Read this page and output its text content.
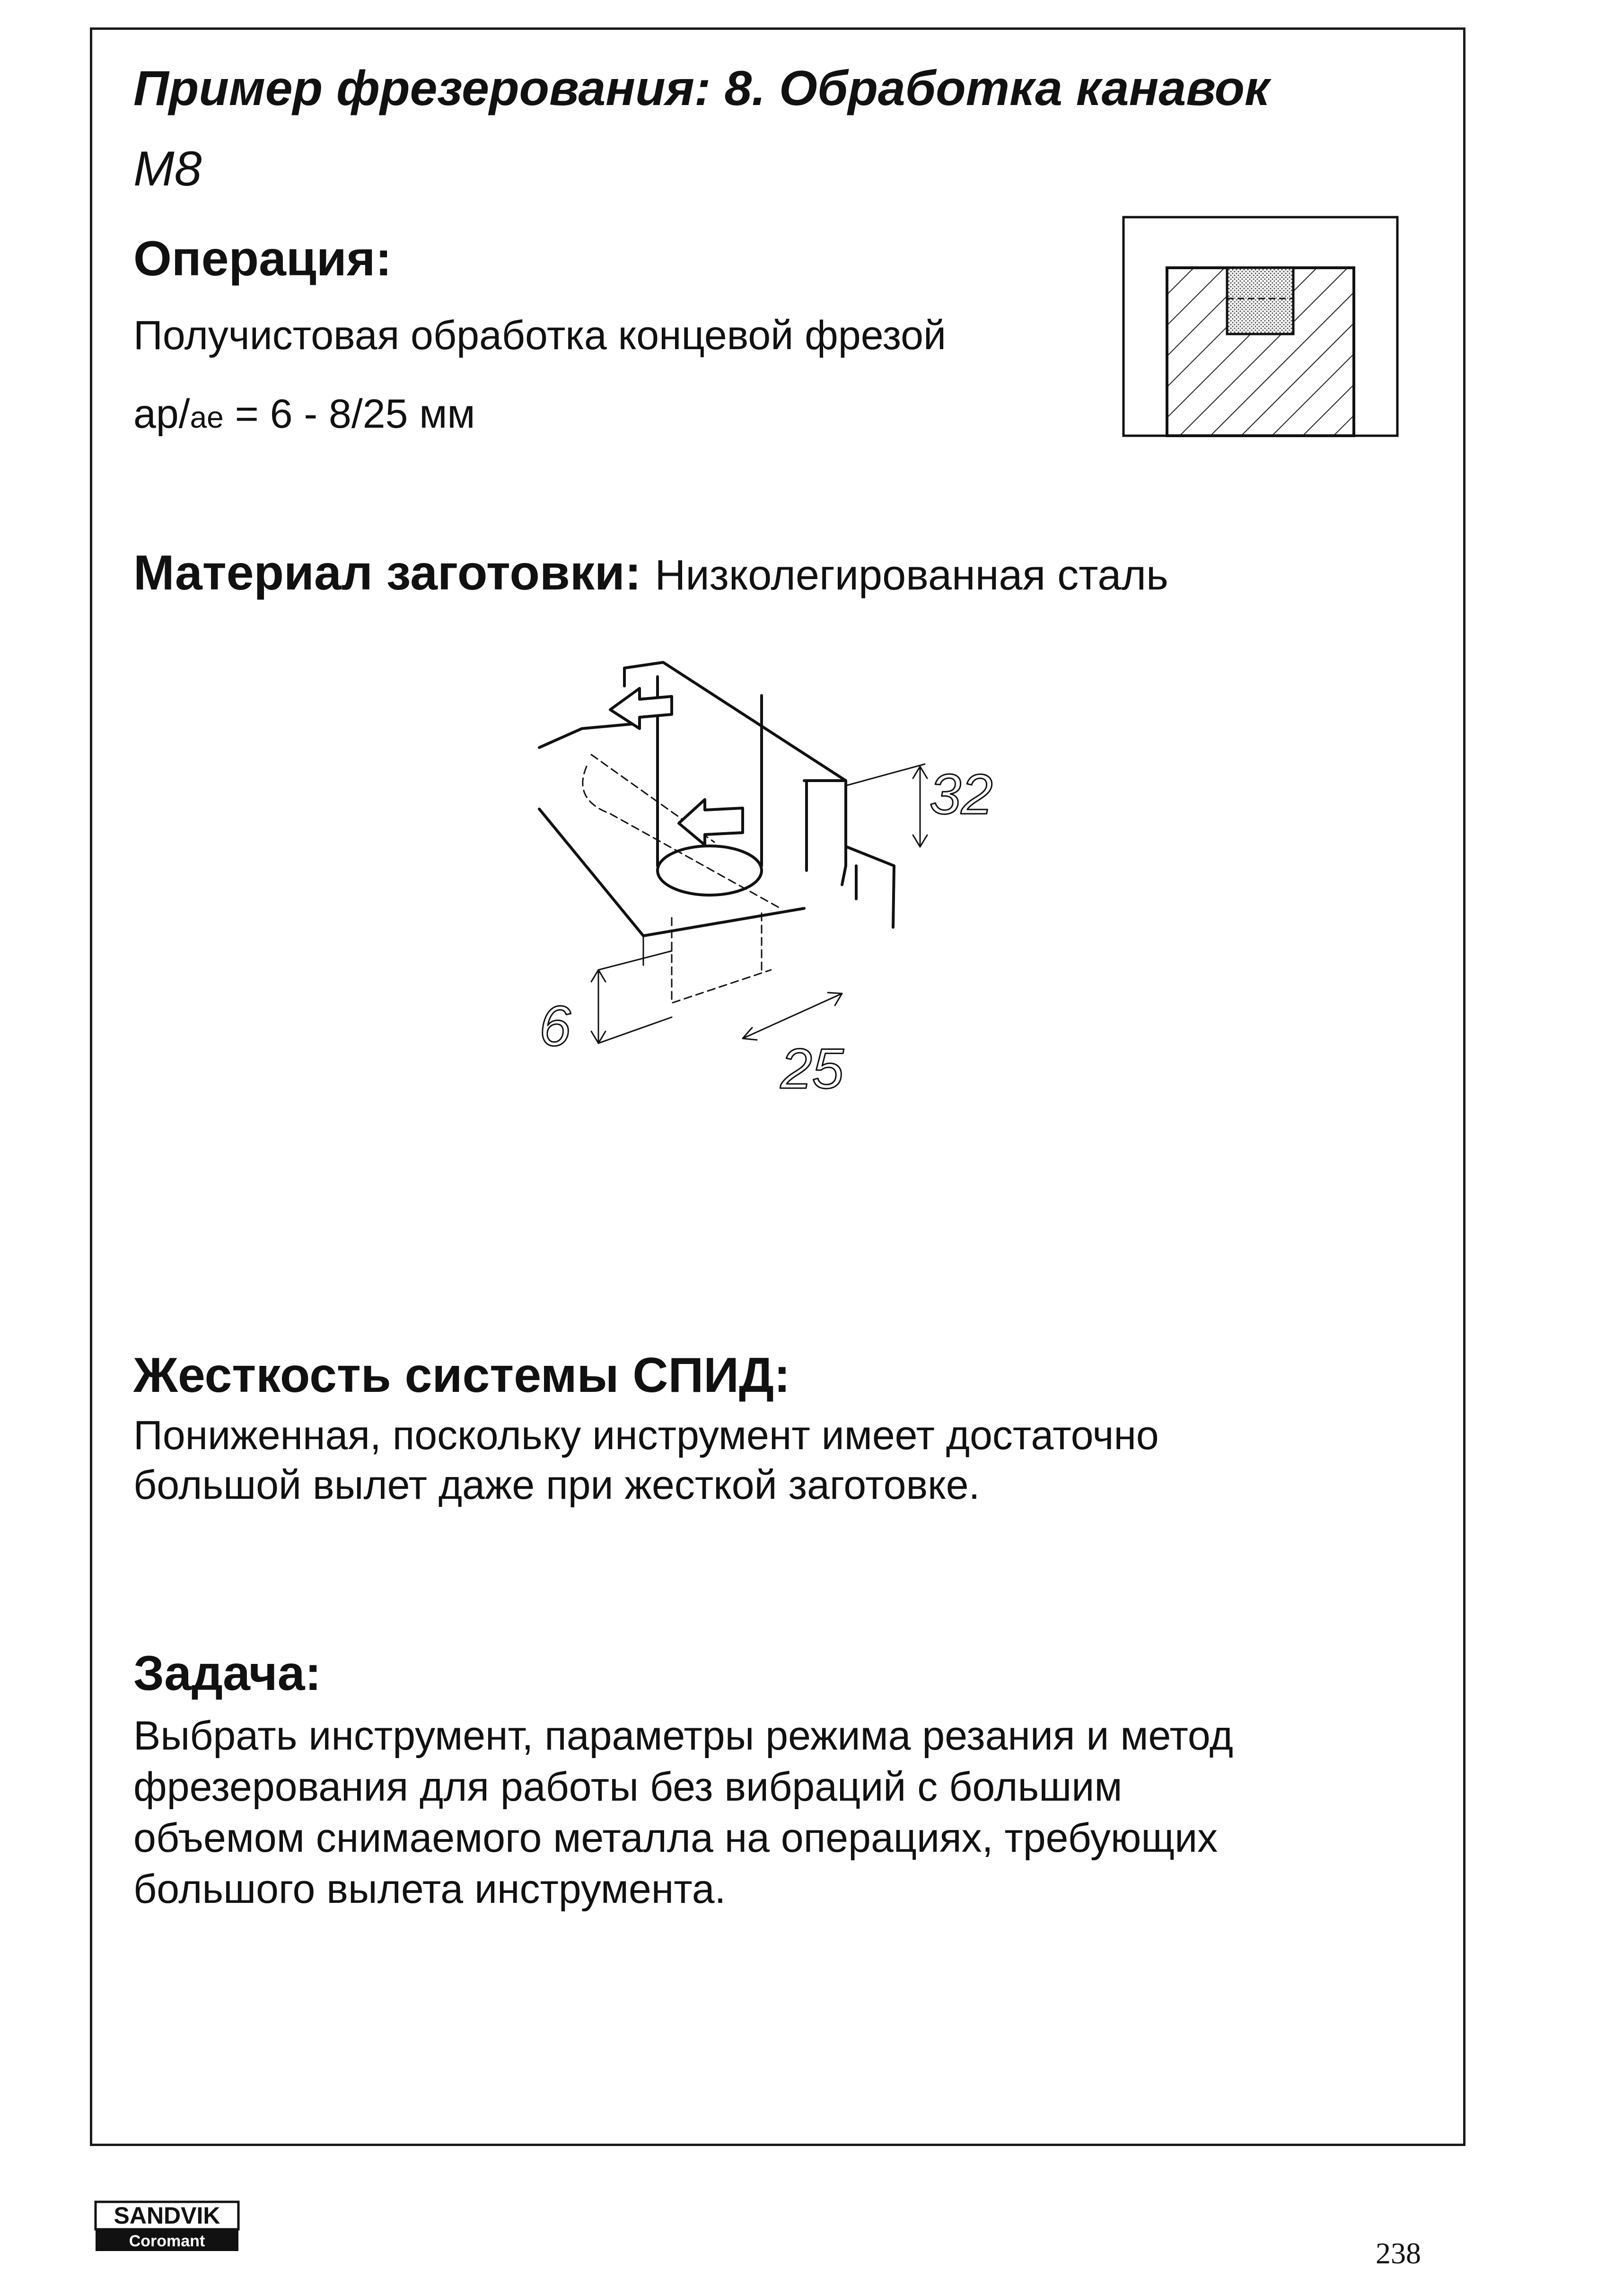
Пример фрезерования: 8. Обработка канавок
M8
Операция:
Получистовая обработка концевой фрезой
ap/ae = 6 - 8/25 мм
Материал заготовки: Низколегированная сталь
32
6
25
Жесткость системы СПИД:
Пониженная, поскольку инструмент имеет достаточно
большой вылет даже при жесткой заготовке.
Задача:
Выбрать инструмент, параметры режима резания и метод
фрезерования для работы без вибраций с большим
объемом снимаемого металла на операциях, требующих
большого вылета инструмента.
SANDVIK
Coromant	238
